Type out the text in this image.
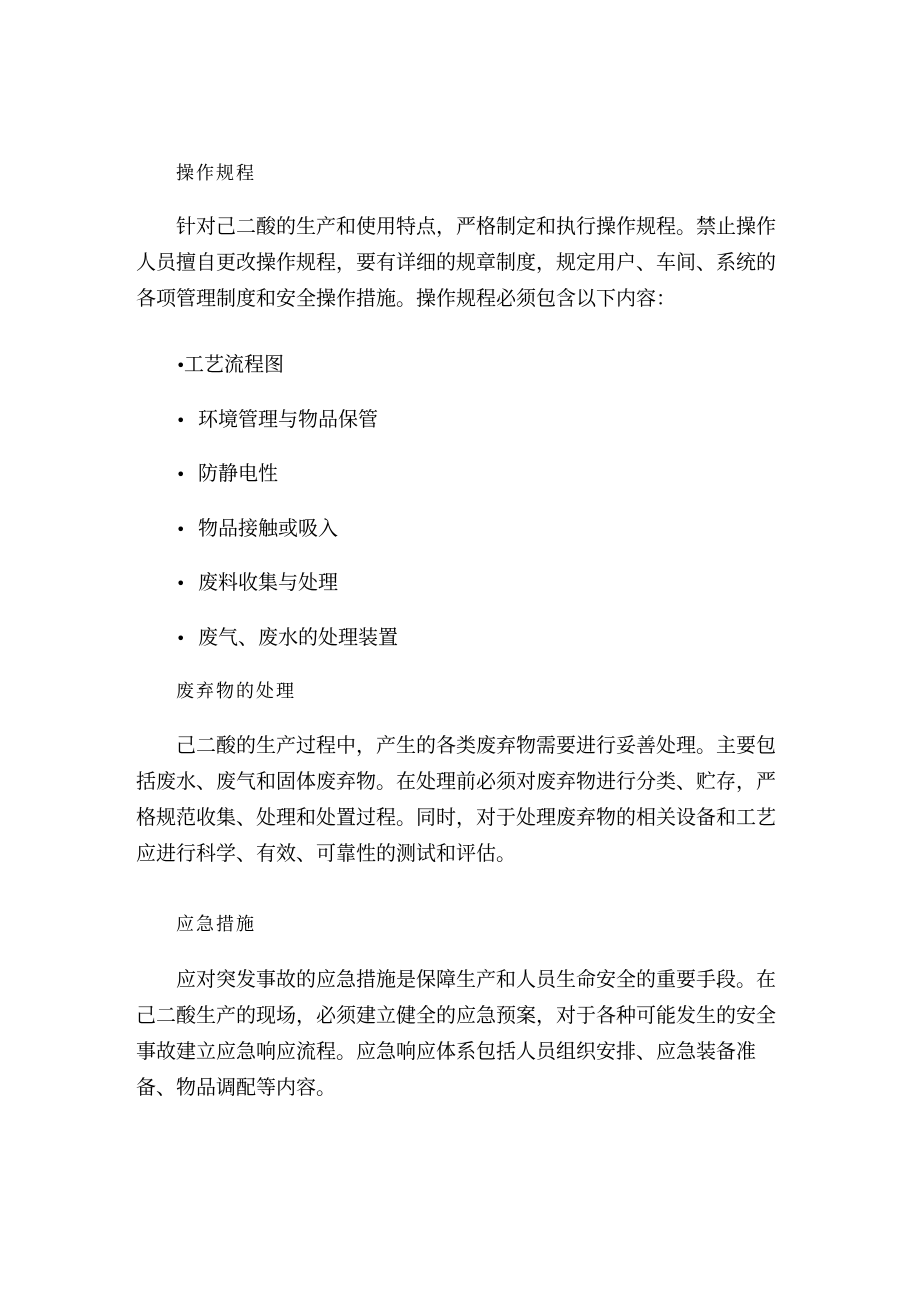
操作规程
针对己二酸的生产和使用特点，严格制定和执行操作规程。禁止操作
人员擅自更改操作规程，要有详细的规章制度，规定用户、车间、系统的
各项管理制度和安全操作措施。操作规程必须包含以下内容：
•工艺流程图
• 环境管理与物品保管
• 防静电性
• 物品接触或吸入
• 废料收集与处理
• 废气、废水的处理装置
废弃物的处理
己二酸的生产过程中，产生的各类废弃物需要进行妥善处理。主要包
括废水、废气和固体废弃物。在处理前必须对废弃物进行分类、贮存，严
格规范收集、处理和处置过程。同时，对于处理废弃物的相关设备和工艺
应进行科学、有效、可靠性的测试和评估。
应急措施
应对突发事故的应急措施是保障生产和人员生命安全的重要手段。在
己二酸生产的现场，必须建立健全的应急预案，对于各种可能发生的安全
事故建立应急响应流程。应急响应体系包括人员组织安排、应急装备准
备、物品调配等内容。
